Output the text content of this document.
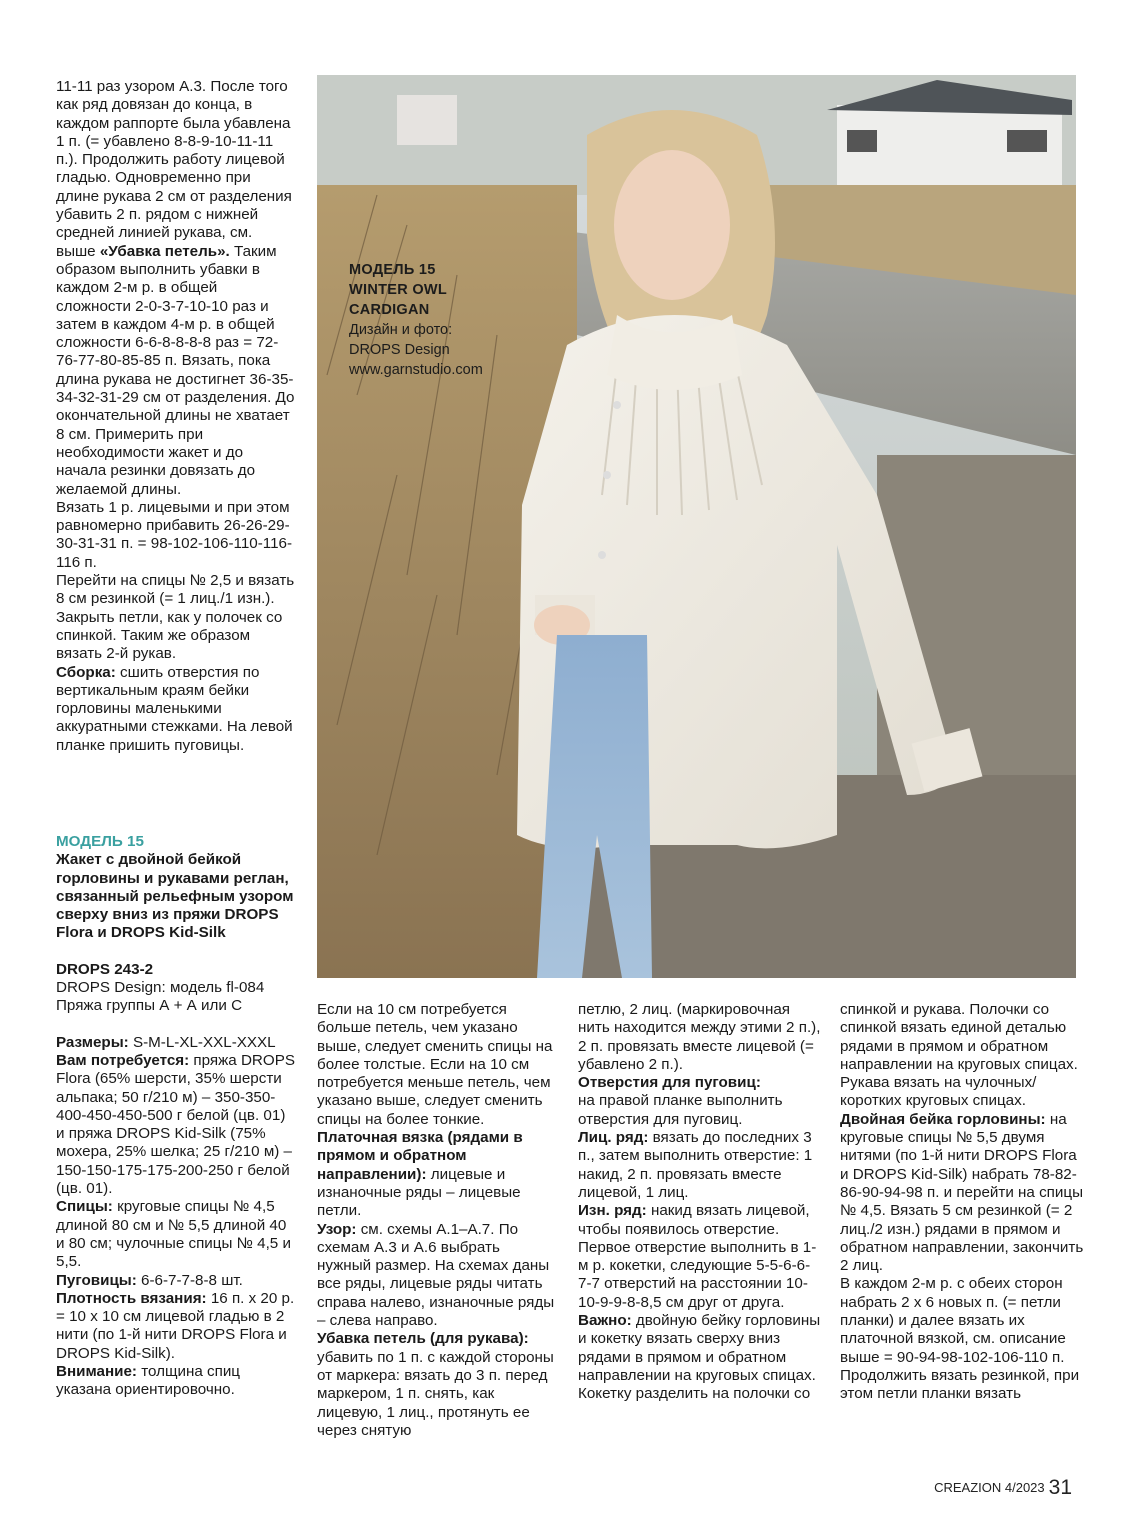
11-11 раз узором А.3. После того как ряд довязан до конца, в каждом раппорте была убавлена 1 п. (= убавлено 8-8-9-10-11-11 п.). Продолжить работу лицевой гладью. Одновременно при длине рукава 2 см от разделения убавить 2 п. рядом с нижней средней линией рукава, см. выше «Убавка петель». Таким образом выполнить убавки в каждом 2-м р. в общей сложности 2-0-3-7-10-10 раз и затем в каждом 4-м р. в общей сложности 6-6-8-8-8-8 раз = 72-76-77-80-85-85 п. Вязать, пока длина рукава не достигнет 36-35-34-32-31-29 см от разделения. До окончательной длины не хватает 8 см. Примерить при необходимости жакет и до начала резинки довязать до желаемой длины.

Вязать 1 р. лицевыми и при этом равномерно прибавить 26-26-29-30-31-31 п. = 98-102-106-110-116-116 п.

Перейти на спицы № 2,5 и вязать 8 см резинкой (= 1 лиц./1 изн.). Закрыть петли, как у полочек со спинкой. Таким же образом вязать 2-й рукав.

Сборка: сшить отверстия по вертикальным краям бейки горловины маленькими аккуратными стежками. На левой планке пришить пуговицы.

МОДЕЛЬ 15

Жакет с двойной бейкой горловины и рукавами реглан, связанный рельефным узором сверху вниз из пряжи DROPS Flora и DROPS Kid-Silk

DROPS 243-2

DROPS Design: модель fl-084

Пряжа группы А + А или С

Размеры: S-M-L-XL-XXL-XXXL

Вам потребуется: пряжа DROPS Flora (65% шерсти, 35% шерсти альпака; 50 г/210 м) – 350-350-400-450-450-500 г белой (цв. 01) и пряжа DROPS Kid-Silk (75% мохера, 25% шелка; 25 г/210 м) – 150-150-175-175-200-250 г белой (цв. 01).

Спицы: круговые спицы № 4,5 длиной 80 см и № 5,5 длиной 40 и 80 см; чулочные спицы № 4,5 и 5,5.

Пуговицы: 6-6-7-7-8-8 шт.

Плотность вязания: 16 п. х 20 р. = 10 х 10 см лицевой гладью в 2 нити (по 1-й нити DROPS Flora и DROPS Kid-Silk).

Внимание: толщина спиц указана ориентировочно.

МОДЕЛЬ 15
WINTER OWL
CARDIGAN
Дизайн и фото:
DROPS Design
www.garnstudio.com

Если на 10 см потребуется больше петель, чем указано выше, следует сменить спицы на более толстые. Если на 10 см потребуется меньше петель, чем указано выше, следует сменить спицы на более тонкие.

Платочная вязка (рядами в прямом и обратном направлении): лицевые и изнаночные ряды – лицевые петли.

Узор: см. схемы А.1–А.7. По схемам А.3 и А.6 выбрать нужный размер. На схемах даны все ряды, лицевые ряды читать справа налево, изнаночные ряды – слева направо.

Убавка петель (для рукава): убавить по 1 п. с каждой стороны от маркера: вязать до 3 п. перед маркером, 1 п. снять, как лицевую, 1 лиц., протянуть ее через снятую

петлю, 2 лиц. (маркировочная нить находится между этими 2 п.), 2 п. провязать вместе лицевой (= убавлено 2 п.).

Отверстия для пуговиц:

на правой планке выполнить отверстия для пуговиц.

Лиц. ряд: вязать до последних 3 п., затем выполнить отверстие: 1 накид, 2 п. провязать вместе лицевой, 1 лиц.

Изн. ряд: накид вязать лицевой, чтобы появилось отверстие.

Первое отверстие выполнить в 1-м р. кокетки, следующие 5-5-6-6-7-7 отверстий на расстоянии 10-10-9-9-8-8,5 см друг от друга.

Важно: двойную бейку горловины и кокетку вязать сверху вниз рядами в прямом и обратном направлении на круговых спицах. Кокетку разделить на полочки со

спинкой и рукава. Полочки со спинкой вязать единой деталью рядами в прямом и обратном направлении на круговых спицах. Рукава вязать на чулочных/коротких круговых спицах.

Двойная бейка горловины: на круговые спицы № 5,5 двумя нитями (по 1-й нити DROPS Flora и DROPS Kid-Silk) набрать 78-82-86-90-94-98 п. и перейти на спицы № 4,5. Вязать 5 см резинкой (= 2 лиц./2 изн.) рядами в прямом и обратном направлении, закончить 2 лиц.

В каждом 2-м р. с обеих сторон набрать 2 х 6 новых п. (= петли планки) и далее вязать их платочной вязкой, см. описание выше = 90-94-98-102-106-110 п.

Продолжить вязать резинкой, при этом петли планки вязать

CREAZION 4/2023 31
